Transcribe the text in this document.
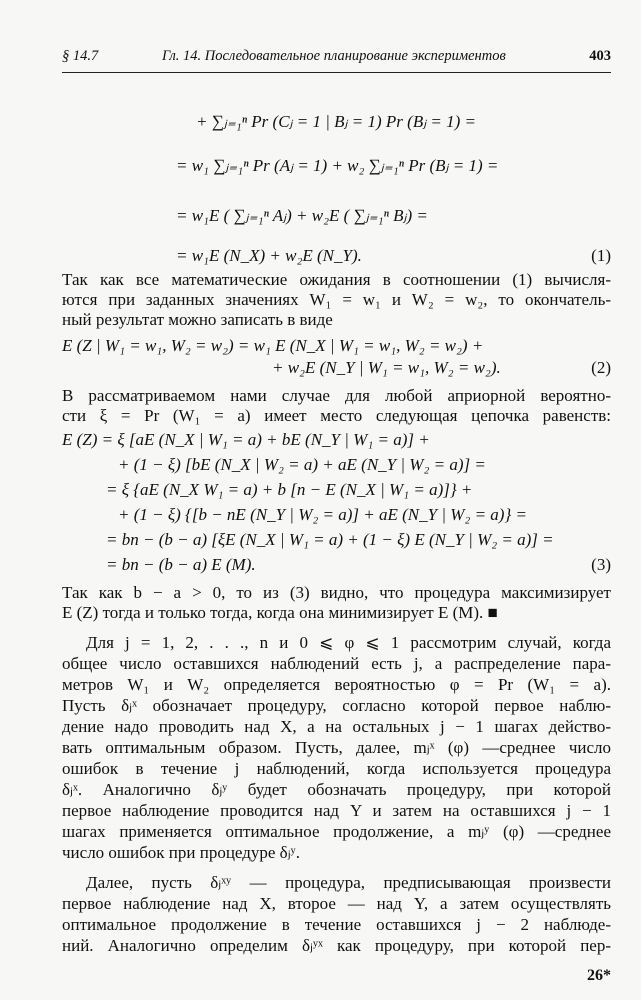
§ 14.7	Гл. 14. Последовательное планирование экспериментов	403
+ ∑ⱼ₌₁ⁿ Pr (Cⱼ = 1 | Bⱼ = 1) Pr (Bⱼ = 1) =
= w₁ ∑ⱼ₌₁ⁿ Pr (Aⱼ = 1) + w₂ ∑ⱼ₌₁ⁿ Pr (Bⱼ = 1) =
= w₁E ( ∑ⱼ₌₁ⁿ Aⱼ) + w₂E ( ∑ⱼ₌₁ⁿ Bⱼ) =
= w₁E (N_X) + w₂E (N_Y).	(1)
Так как все математические ожидания в соотношении (1) вычисля-
ются при заданных значениях W₁ = w₁ и W₂ = w₂, то окончатель-
ный результат можно записать в виде
E (Z | W₁ = w₁, W₂ = w₂) = w₁ E (N_X | W₁ = w₁, W₂ = w₂) +
+ w₂E (N_Y | W₁ = w₁, W₂ = w₂).	(2)
В рассматриваемом нами случае для любой априорной вероятно-
сти ξ = Pr (W₁ = a) имеет место следующая цепочка равенств:
E (Z) = ξ [aE (N_X | W₁ = a) + bE (N_Y | W₁ = a)] +
+ (1 − ξ) [bE (N_X | W₂ = a) + aE (N_Y | W₂ = a)] =
= ξ {aE (N_X W₁ = a) + b [n − E (N_X | W₁ = a)]} +
+ (1 − ξ) {[b − nE (N_Y | W₂ = a)] + aE (N_Y | W₂ = a)} =
= bn − (b − a) [ξE (N_X | W₁ = a) + (1 − ξ) E (N_Y | W₂ = a)] =
= bn − (b − a) E (M).	(3)
Так как b − a > 0, то из (3) видно, что процедура максимизирует
E (Z) тогда и только тогда, когда она минимизирует E (M). ■
Для j = 1, 2, . . ., n и 0 ⩽ φ ⩽ 1 рассмотрим случай, когда
общее число оставшихся наблюдений есть j, а распределение пара-
метров W₁ и W₂ определяется вероятностью φ = Pr (W₁ = a).
Пусть δⱼˣ обозначает процедуру, согласно которой первое наблю-
дение надо проводить над X, а на остальных j − 1 шагах действо-
вать оптимальным образом. Пусть, далее, mⱼˣ (φ) —среднее число
ошибок в течение j наблюдений, когда используется процедура
δⱼˣ. Аналогично δⱼʸ будет обозначать процедуру, при которой
первое наблюдение проводится над Y и затем на оставшихся j − 1
шагах применяется оптимальное продолжение, а mⱼʸ (φ) —среднее
число ошибок при процедуре δⱼʸ.
Далее, пусть δⱼˣʸ — процедура, предписывающая произвести
первое наблюдение над X, второе — над Y, а затем осуществлять
оптимальное продолжение в течение оставшихся j − 2 наблюде-
ний. Аналогично определим δⱼʸˣ как процедуру, при которой пер-
26*
